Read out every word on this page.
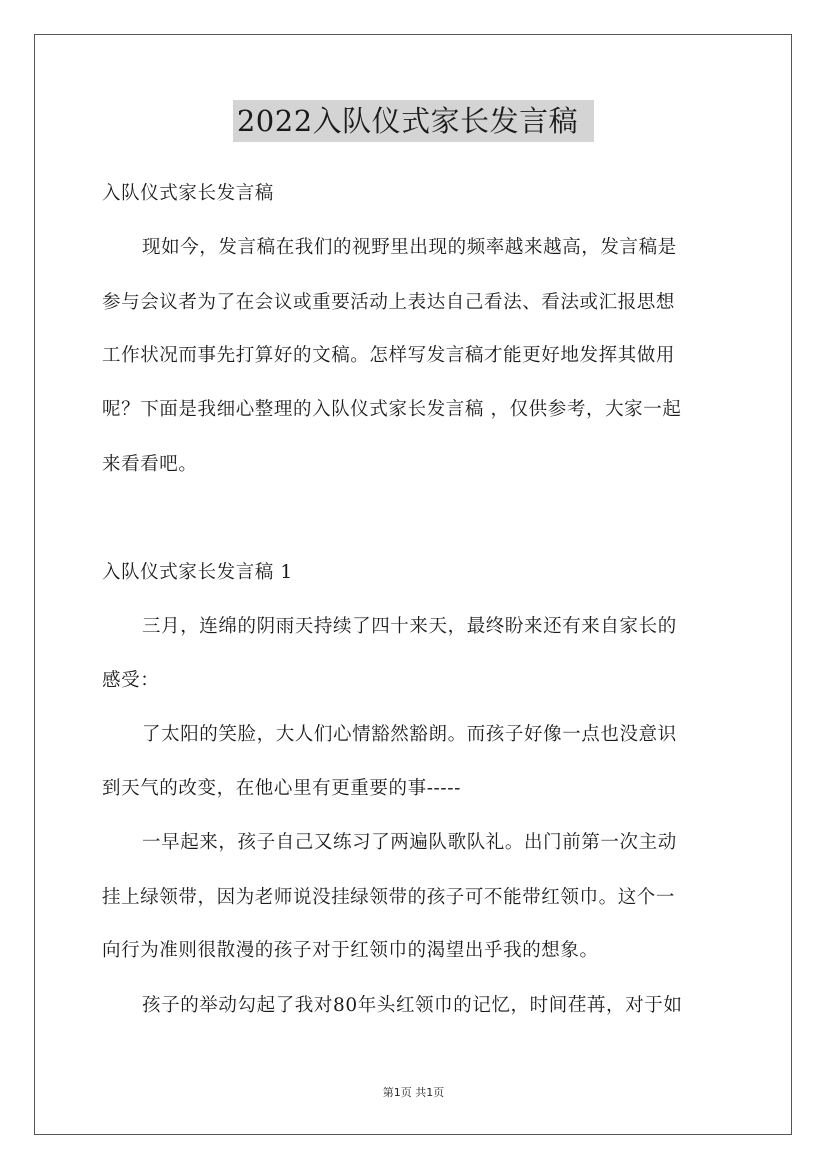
2022入队仪式家长发言稿
入队仪式家长发言稿
现如今，发言稿在我们的视野里出现的频率越来越高，发言稿是
参与会议者为了在会议或重要活动上表达自己看法、看法或汇报思想
工作状况而事先打算好的文稿。怎样写发言稿才能更好地发挥其做用
呢？下面是我细心整理的入队仪式家长发言稿 ，仅供参考，大家一起
来看看吧。
入队仪式家长发言稿 1
三月，连绵的阴雨天持续了四十来天，最终盼来还有来自家长的
感受：
了太阳的笑脸，大人们心情豁然豁朗。而孩子好像一点也没意识
到天气的改变，在他心里有更重要的事-----
一早起来，孩子自己又练习了两遍队歌队礼。出门前第一次主动
挂上绿领带，因为老师说没挂绿领带的孩子可不能带红领巾。这个一
向行为准则很散漫的孩子对于红领巾的渴望出乎我的想象。
孩子的举动勾起了我对80年头红领巾的记忆，时间荏苒，对于如
第1页 共1页
